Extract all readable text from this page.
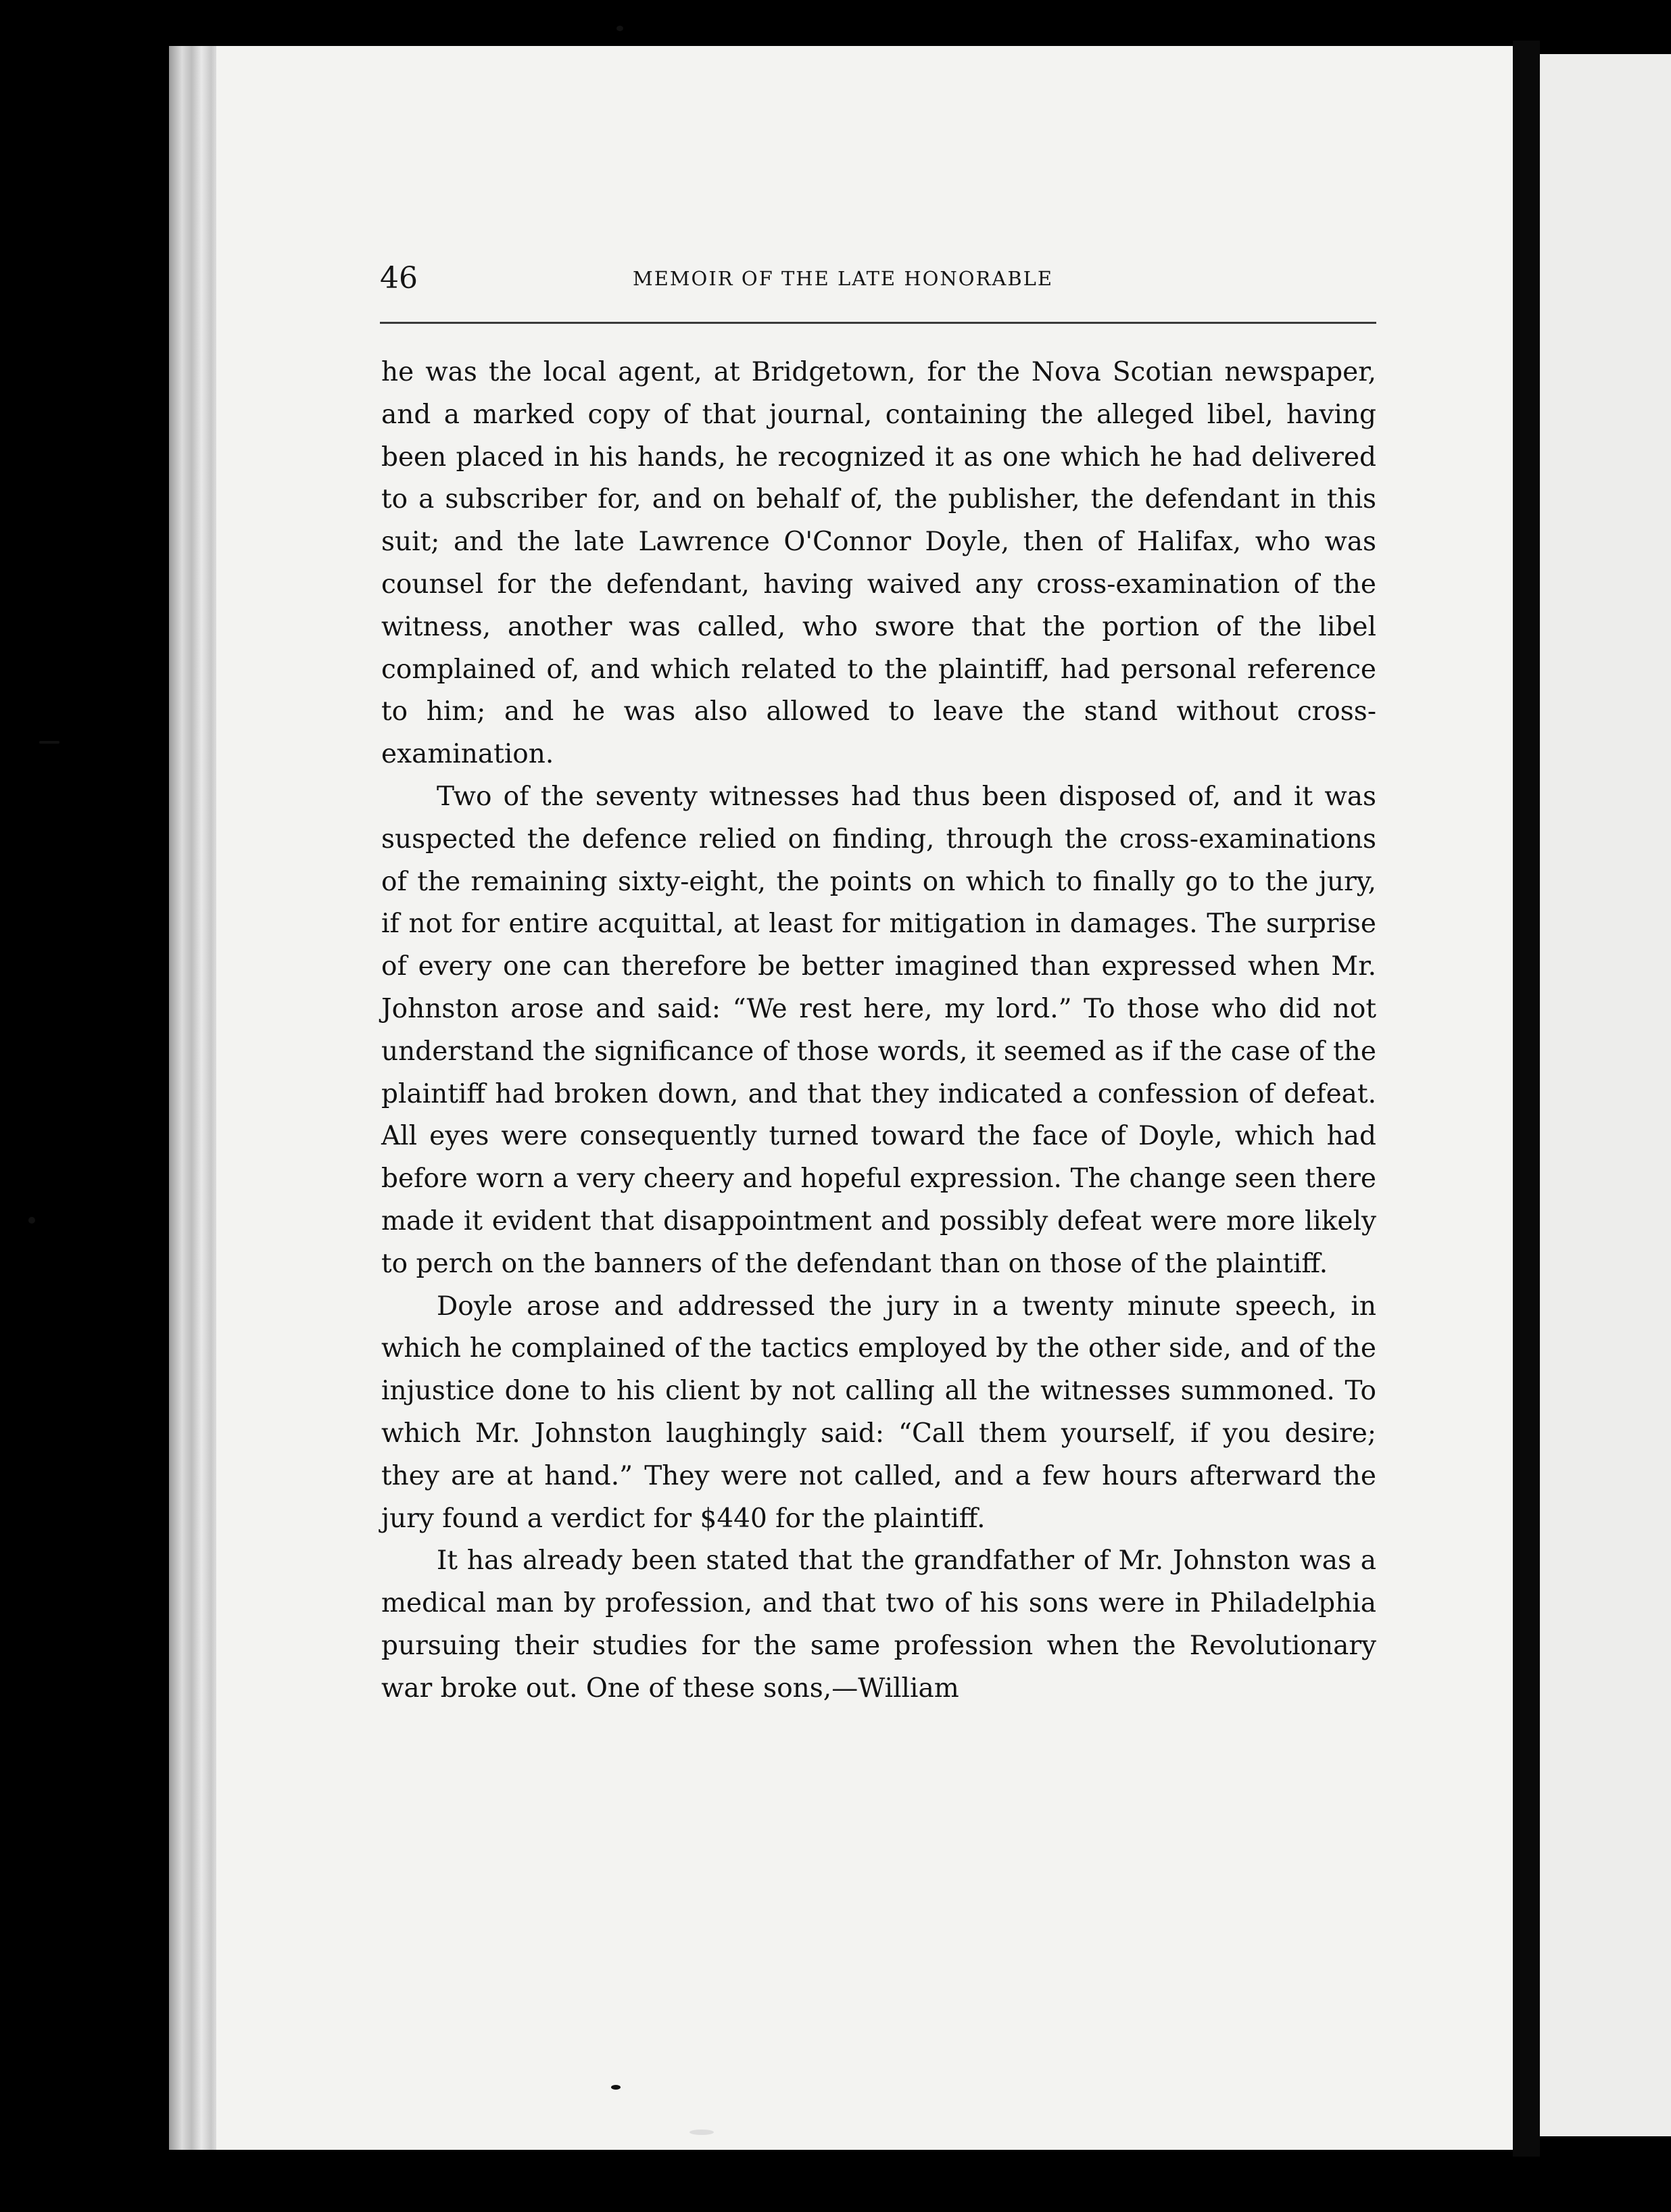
46	MEMOIR OF THE LATE HONORABLE

he was the local agent, at Bridgetown, for the Nova Scotian newspaper, and a marked copy of that journal, containing the alleged libel, having been placed in his hands, he recognized it as one which he had delivered to a subscriber for, and on behalf of, the publisher, the defendant in this suit; and the late Lawrence O'Connor Doyle, then of Halifax, who was counsel for the defendant, having waived any cross-examination of the witness, another was called, who swore that the portion of the libel complained of, and which related to the plaintiff, had personal reference to him; and he was also allowed to leave the stand without cross-examination.

Two of the seventy witnesses had thus been disposed of, and it was suspected the defence relied on finding, through the cross-examinations of the remaining sixty-eight, the points on which to finally go to the jury, if not for entire acquittal, at least for mitigation in damages. The surprise of every one can therefore be better imagined than expressed when Mr. Johnston arose and said: “We rest here, my lord.” To those who did not understand the significance of those words, it seemed as if the case of the plaintiff had broken down, and that they indicated a confession of defeat. All eyes were consequently turned toward the face of Doyle, which had before worn a very cheery and hopeful expression. The change seen there made it evident that disappointment and possibly defeat were more likely to perch on the banners of the defendant than on those of the plaintiff.

Doyle arose and addressed the jury in a twenty minute speech, in which he complained of the tactics employed by the other side, and of the injustice done to his client by not calling all the witnesses summoned. To which Mr. Johnston laughingly said: “Call them yourself, if you desire; they are at hand.” They were not called, and a few hours afterward the jury found a verdict for $440 for the plaintiff.

It has already been stated that the grandfather of Mr. Johnston was a medical man by profession, and that two of his sons were in Philadelphia pursuing their studies for the same profession when the Revolutionary war broke out. One of these sons,—William
